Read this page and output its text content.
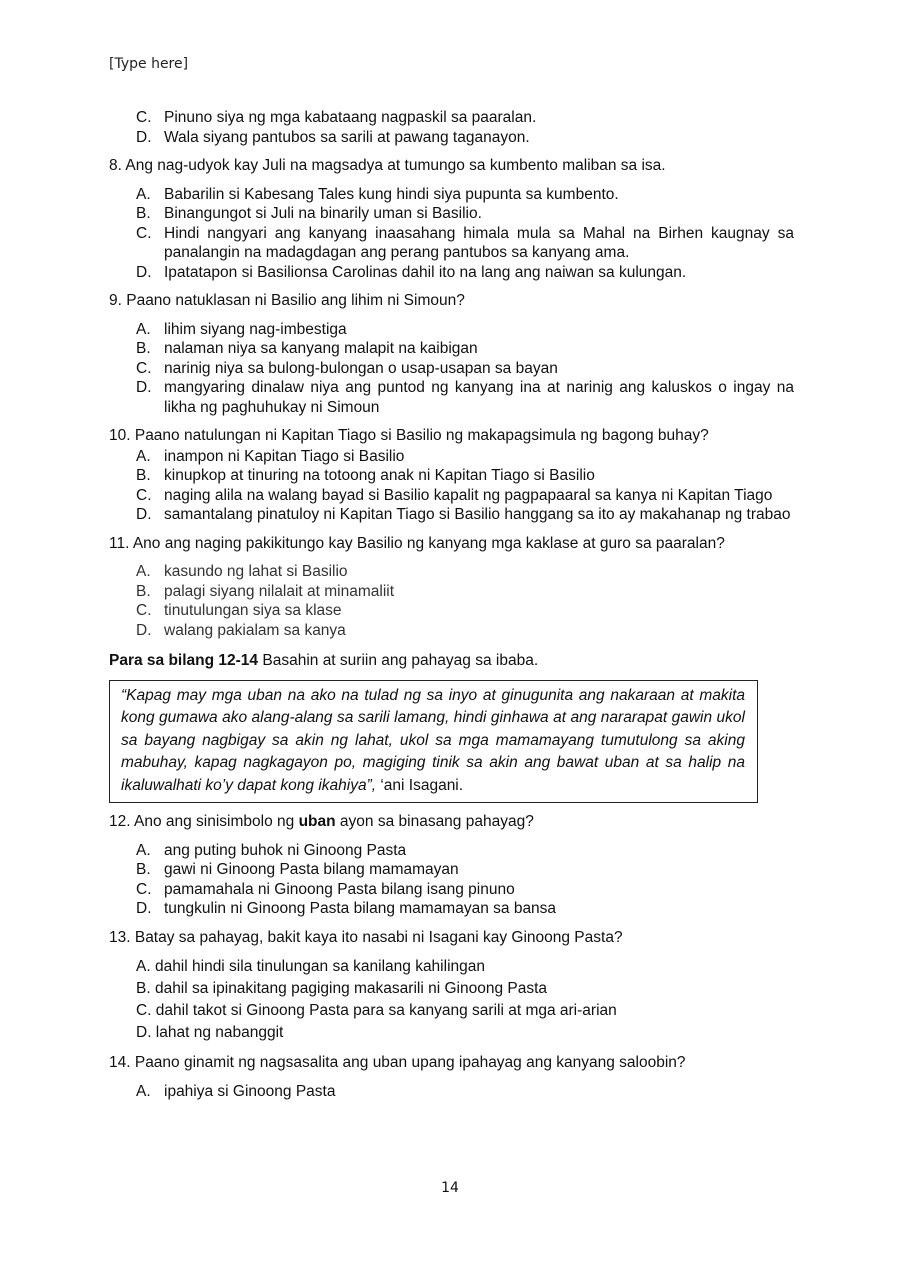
[Type here]
C. Pinuno siya ng mga kabataang nagpaskil sa paaralan.
D. Wala siyang pantubos sa sarili at pawang taganayon.
8. Ang nag-udyok kay Juli na magsadya at tumungo sa kumbento maliban sa isa.
A. Babarilin si Kabesang Tales kung hindi siya pupunta sa kumbento.
B. Binangungot si Juli na binarily uman si Basilio.
C. Hindi nangyari ang kanyang inaasahang himala mula sa Mahal na Birhen kaugnay sa panalangin na madagdagan ang perang pantubos sa kanyang ama.
D. Ipatatapon si Basilionsa Carolinas dahil ito na lang ang naiwan sa kulungan.
9. Paano natuklasan ni Basilio ang lihim ni Simoun?
A. lihim siyang nag-imbestiga
B. nalaman niya sa kanyang malapit na kaibigan
C. narinig niya sa bulong-bulongan o usap-usapan sa bayan
D. mangyaring dinalaw niya ang puntod ng kanyang ina at narinig ang kaluskos o ingay na likha ng paghuhukay ni Simoun
10. Paano natulungan ni Kapitan Tiago si Basilio ng makapagsimula ng bagong buhay?
A. inampon ni Kapitan Tiago si Basilio
B. kinupkop at tinuring na totoong anak ni Kapitan Tiago si Basilio
C. naging alila na walang bayad si Basilio kapalit ng pagpapaaral sa kanya ni Kapitan Tiago
D. samantalang pinatuloy ni Kapitan Tiago si Basilio hanggang sa ito ay makahanap ng trabao
11. Ano ang naging pakikitungo kay Basilio ng kanyang mga kaklase at guro sa paaralan?
A. kasundo ng lahat si Basilio
B. palagi siyang nilalait at minamaliit
C. tinutulungan siya sa klase
D. walang pakialam sa kanya
Para sa bilang 12-14 Basahin at suriin ang pahayag sa ibaba.
“Kapag may mga uban na ako na tulad ng sa inyo at ginugunita ang nakaraan at makita kong gumawa ako alang-alang sa sarili lamang, hindi ginhawa at ang nararapat gawin ukol sa bayang nagbigay sa akin ng lahat, ukol sa mga mamamayang tumutulong sa aking mabuhay, kapag nagkagayon po, magiging tinik sa akin ang bawat uban at sa halip na ikaluwalhati ko’y dapat kong ikahiya”, ‘ani Isagani.
12. Ano ang sinisimbolo ng uban ayon sa binasang pahayag?
A. ang puting buhok ni Ginoong Pasta
B. gawi ni Ginoong Pasta bilang mamamayan
C. pamamahala ni Ginoong Pasta bilang isang pinuno
D. tungkulin ni Ginoong Pasta bilang mamamayan sa bansa
13. Batay sa pahayag, bakit kaya ito nasabi ni Isagani kay Ginoong Pasta?
A. dahil hindi sila tinulungan sa kanilang kahilingan
B. dahil sa ipinakitang pagiging makasarili ni Ginoong Pasta
C. dahil takot si Ginoong Pasta para sa kanyang sarili at mga ari-arian
D. lahat ng nabanggit
14. Paano ginamit ng nagsasalita ang uban upang ipahayag ang kanyang saloobin?
A. ipahiya si Ginoong Pasta
14
